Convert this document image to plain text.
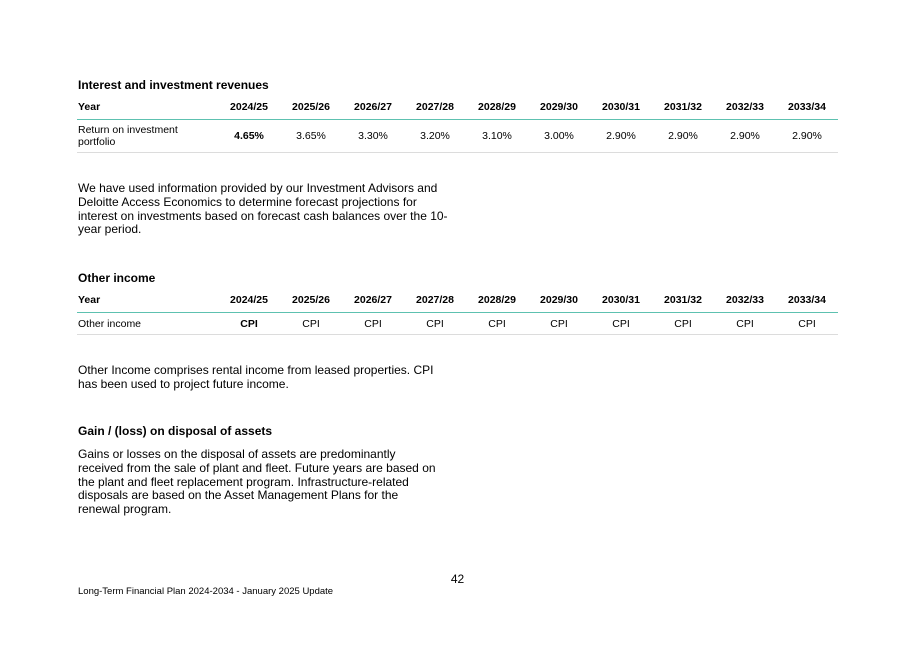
Interest and investment revenues
Year	2024/25	2025/26	2026/27	2027/28	2028/29	2029/30	2030/31	2031/32	2032/33	2033/34
Return on investment portfolio	4.65%	3.65%	3.30%	3.20%	3.10%	3.00%	2.90%	2.90%	2.90%	2.90%
We have used information provided by our Investment Advisors and Deloitte Access Economics to determine forecast projections for interest on investments based on forecast cash balances over the 10-year period.
Other income
Year	2024/25	2025/26	2026/27	2027/28	2028/29	2029/30	2030/31	2031/32	2032/33	2033/34
Other income	CPI	CPI	CPI	CPI	CPI	CPI	CPI	CPI	CPI	CPI
Other Income comprises rental income from leased properties. CPI has been used to project future income.
Gain / (loss) on disposal of assets
Gains or losses on the disposal of assets are predominantly received from the sale of plant and fleet. Future years are based on the plant and fleet replacement program. Infrastructure-related disposals are based on the Asset Management Plans for the renewal program.
42
Long-Term Financial Plan 2024-2034 - January 2025 Update
